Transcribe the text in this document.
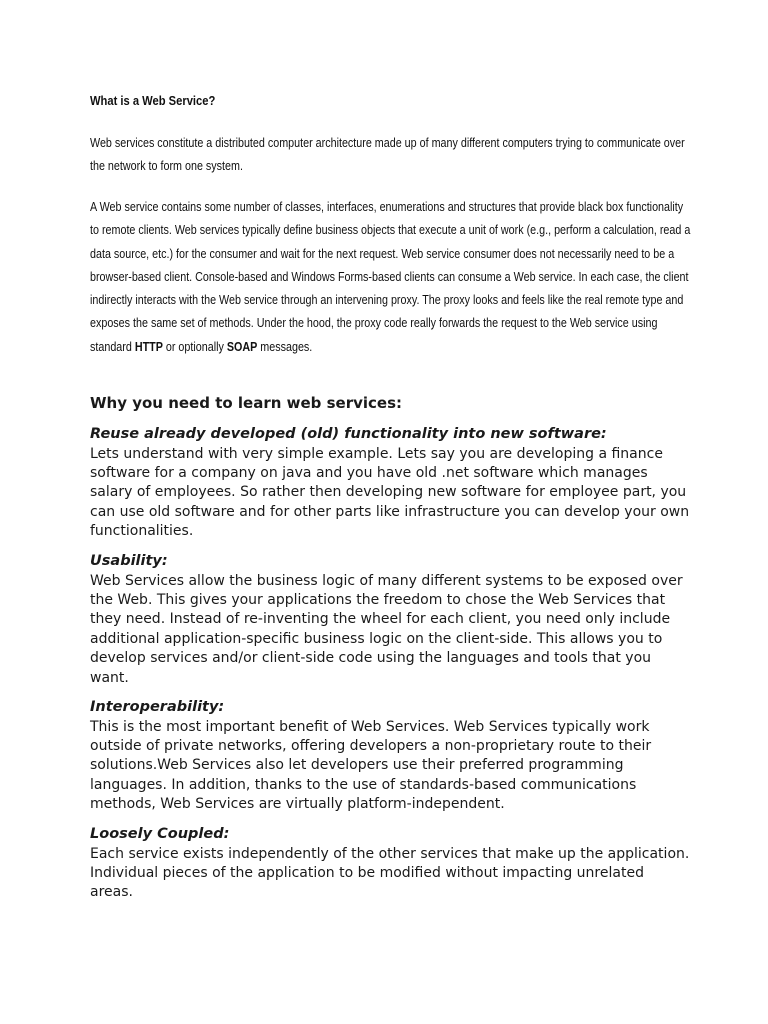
What is a Web Service?

Web services constitute a distributed computer architecture made up of many different computers trying to communicate over the network to form one system.

A Web service contains some number of classes, interfaces, enumerations and structures that provide black box functionality to remote clients. Web services typically define business objects that execute a unit of work (e.g., perform a calculation, read a data source, etc.) for the consumer and wait for the next request. Web service consumer does not necessarily need to be a browser-based client. Console-based and Windows Forms-based clients can consume a Web service. In each case, the client indirectly interacts with the Web service through an intervening proxy. The proxy looks and feels like the real remote type and exposes the same set of methods. Under the hood, the proxy code really forwards the request to the Web service using standard HTTP or optionally SOAP messages.

Why you need to learn web services:

Reuse already developed (old) functionality into new software:

Lets understand with very simple example. Lets say you are developing a finance software for a company on java and you have old .net software which manages salary of employees. So rather then developing new software for employee part, you can use old software and for other parts like infrastructure you can develop your own functionalities.

Usability:

Web Services allow the business logic of many different systems to be exposed over the Web. This gives your applications the freedom to chose the Web Services that they need. Instead of re-inventing the wheel for each client, you need only include additional application-specific business logic on the client-side. This allows you to develop services and/or client-side code using the languages and tools that you want.

Interoperability:

This is the most important benefit of Web Services. Web Services typically work outside of private networks, offering developers a non-proprietary route to their solutions.Web Services also let developers use their preferred programming languages. In addition, thanks to the use of standards-based communications methods, Web Services are virtually platform-independent.

Loosely Coupled:

Each service exists independently of the other services that make up the application. Individual pieces of the application to be modified without impacting unrelated areas.
